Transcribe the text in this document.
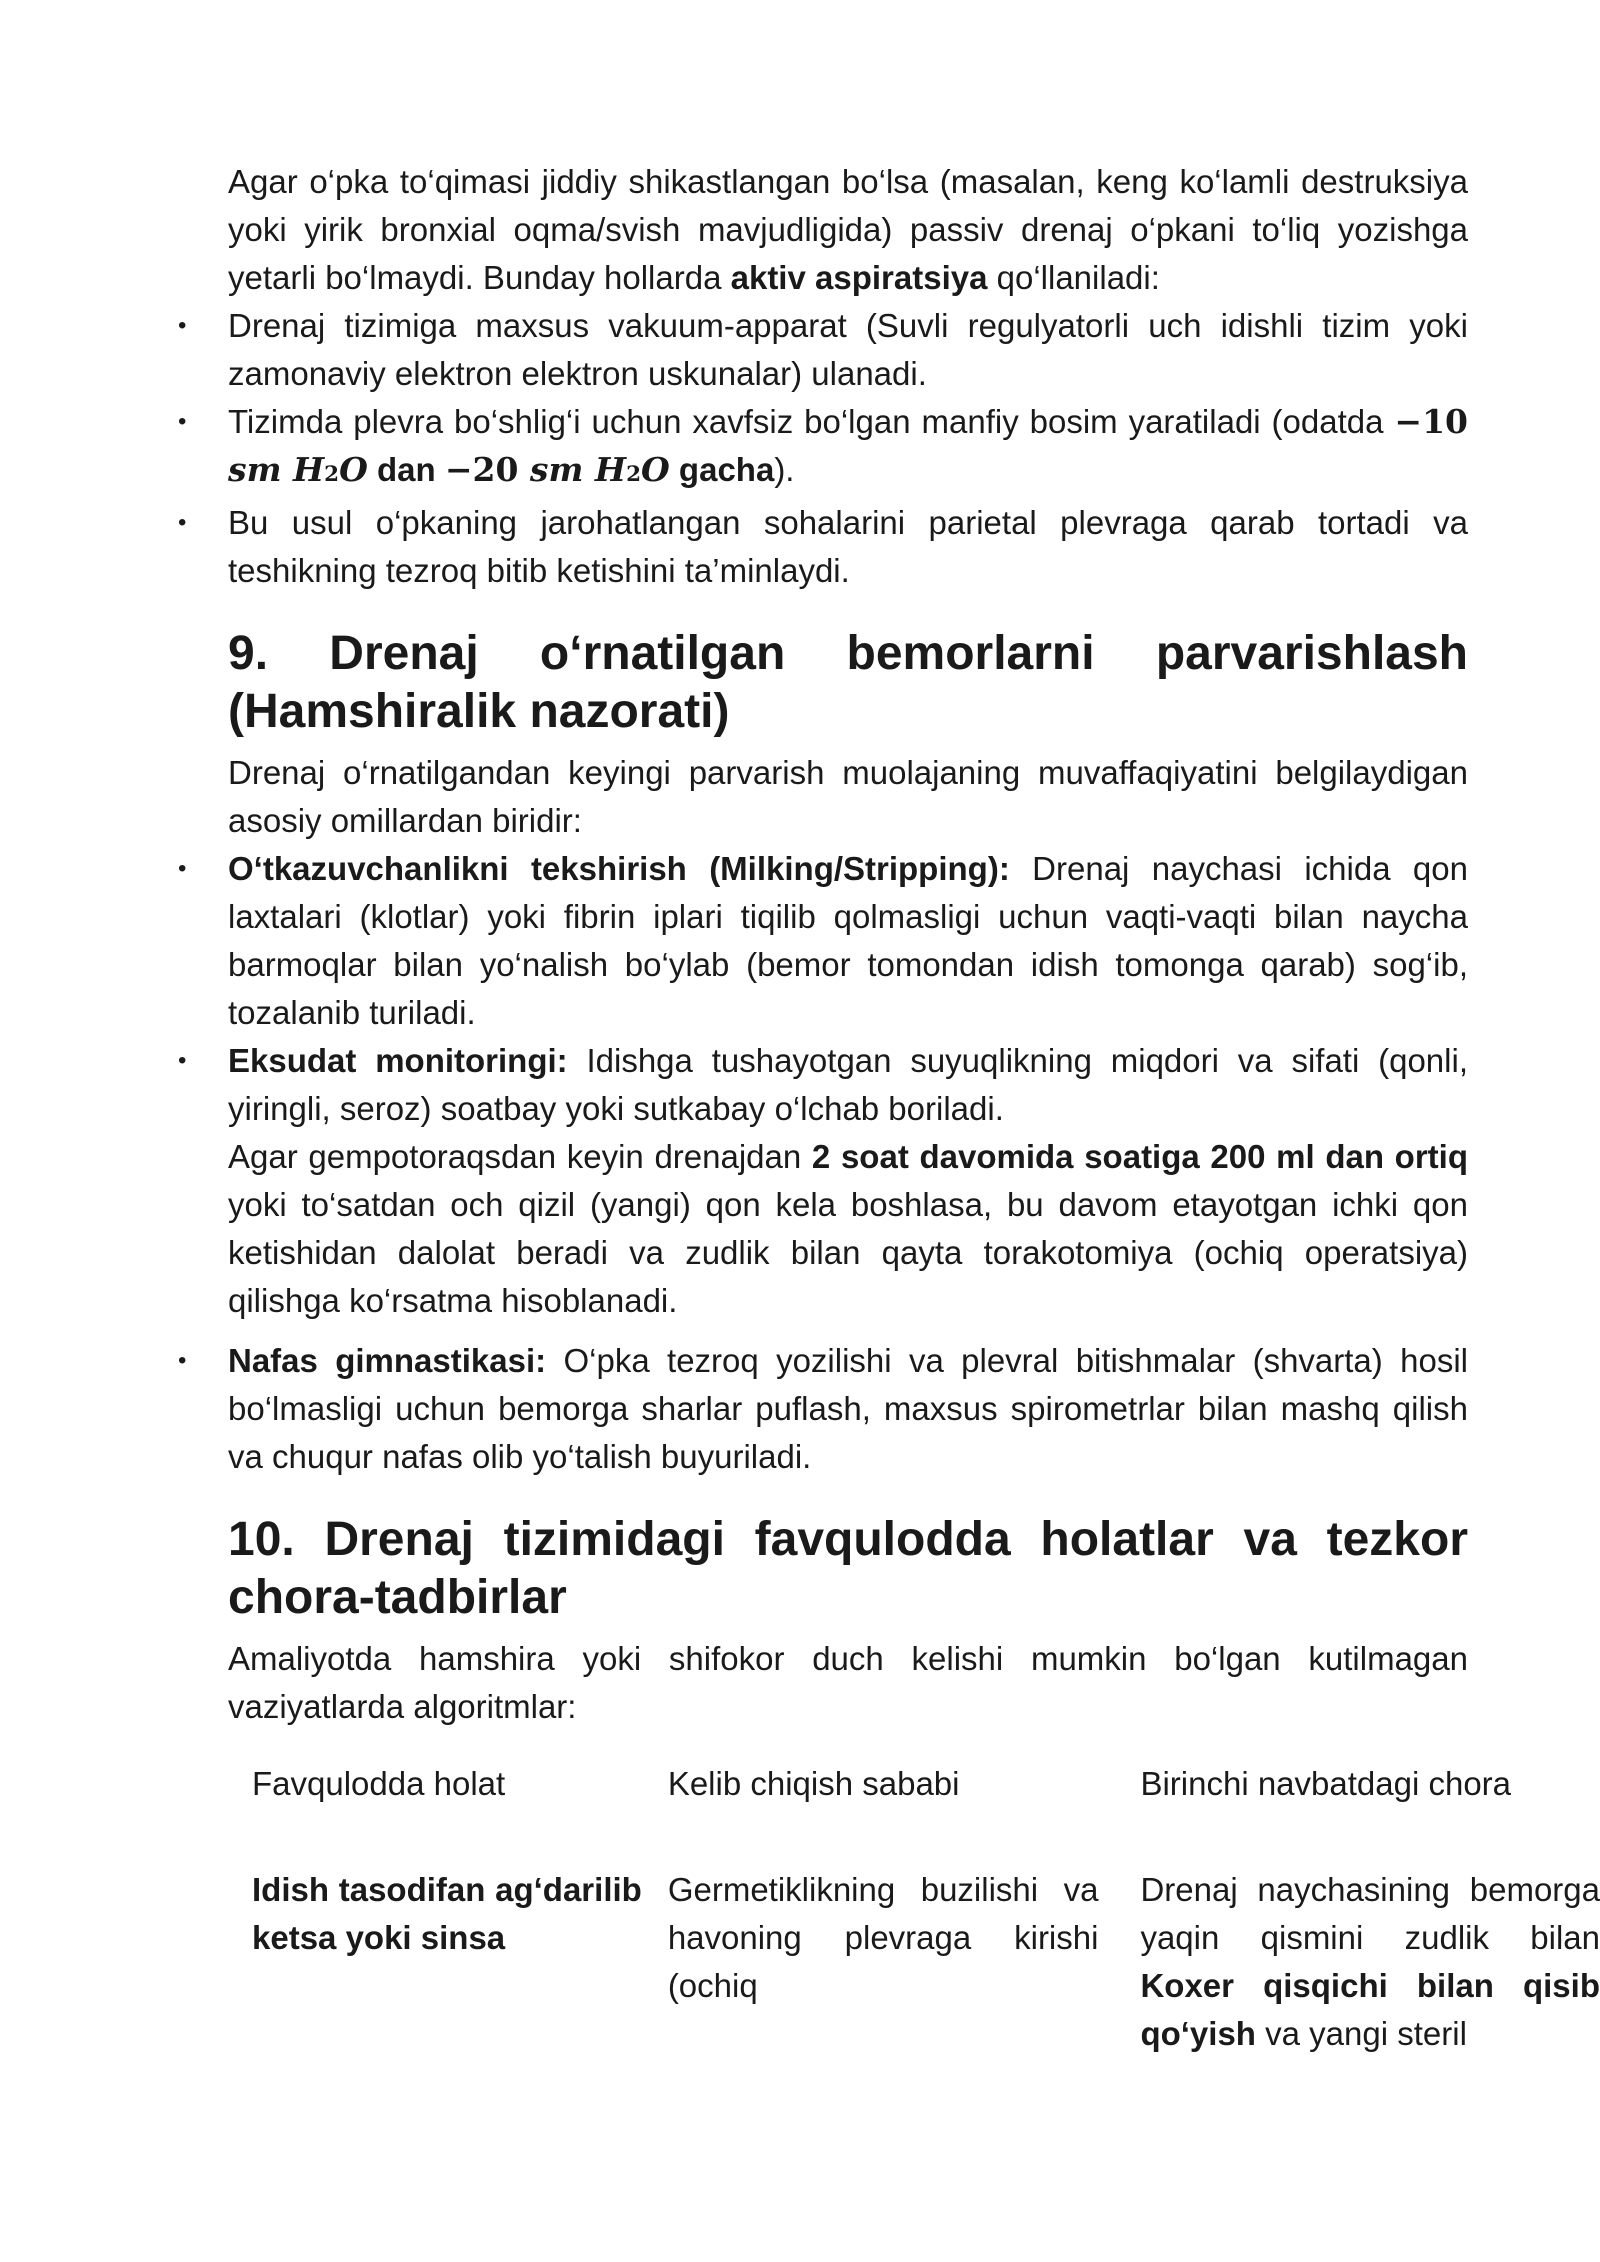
Agar o‘pka to‘qimasi jiddiy shikastlangan bo‘lsa (masalan, keng ko‘lamli destruksiya yoki yirik bronxial oqma/svish mavjudligida) passiv drenaj o‘pkani to‘liq yozishga yetarli bo‘lmaydi. Bunday hollarda aktiv aspiratsiya qo‘llaniladi:

•	Drenaj tizimiga maxsus vakuum-apparat (Suvli regulyatorli uch idishli tizim yoki zamonaviy elektron elektron uskunalar) ulanadi.
•	Tizimda plevra bo‘shlig‘i uchun xavfsiz bo‘lgan manfiy bosim yaratiladi (odatda −10 sm H2O dan −20 sm H2O gacha).
•	Bu usul o‘pkaning jarohatlangan sohalarini parietal plevraga qarab tortadi va teshikning tezroq bitib ketishini ta’minlaydi.
9. Drenaj o‘rnatilgan bemorlarni parvarishlash (Hamshiralik nazorati)

Drenaj o‘rnatilgandan keyingi parvarish muolajaning muvaffaqiyatini belgilaydigan asosiy omillardan biridir:

•	O‘tkazuvchanlikni tekshirish (Milking/Stripping): Drenaj naychasi ichida qon laxtalari (klotlar) yoki fibrin iplari tiqilib qolmasligi uchun vaqti-vaqti bilan naycha barmoqlar bilan yo‘nalish bo‘ylab (bemor tomondan idish tomonga qarab) sog‘ib, tozalanib turiladi.
•	Eksudat monitoringi: Idishga tushayotgan suyuqlikning miqdori va sifati (qonli, yiringli, seroz) soatbay yoki sutkabay o‘lchab boriladi.
Agar gempotoraqsdan keyin drenajdan 2 soat davomida soatiga 200 ml dan ortiq yoki to‘satdan och qizil (yangi) qon kela boshlasa, bu davom etayotgan ichki qon ketishidan dalolat beradi va zudlik bilan qayta torakotomiya (ochiq operatsiya) qilishga ko‘rsatma hisoblanadi.
•	Nafas gimnastikasi: O‘pka tezroq yozilishi va plevral bitishmalar (shvarta) hosil bo‘lmasligi uchun bemorga sharlar puflash, maxsus spirometrlar bilan mashq qilish va chuqur nafas olib yo‘talish buyuriladi.
10. Drenaj tizimidagi favqulodda holatlar va tezkor chora-tadbirlar

Amaliyotda hamshira yoki shifokor duch kelishi mumkin bo‘lgan kutilmagan vaziyatlarda algoritmlar:

Favqulodda holat	Kelib chiqish sababi	Birinchi navbatdagi chora
Idish tasodifan ag‘darilib ketsa yoki sinsa	Germetiklikning buzilishi va havoning plevraga kirishi (ochiq	Drenaj naychasining bemorga yaqin qismini zudlik bilan Koxer qisqichi bilan qisib qo‘yish va yangi steril
